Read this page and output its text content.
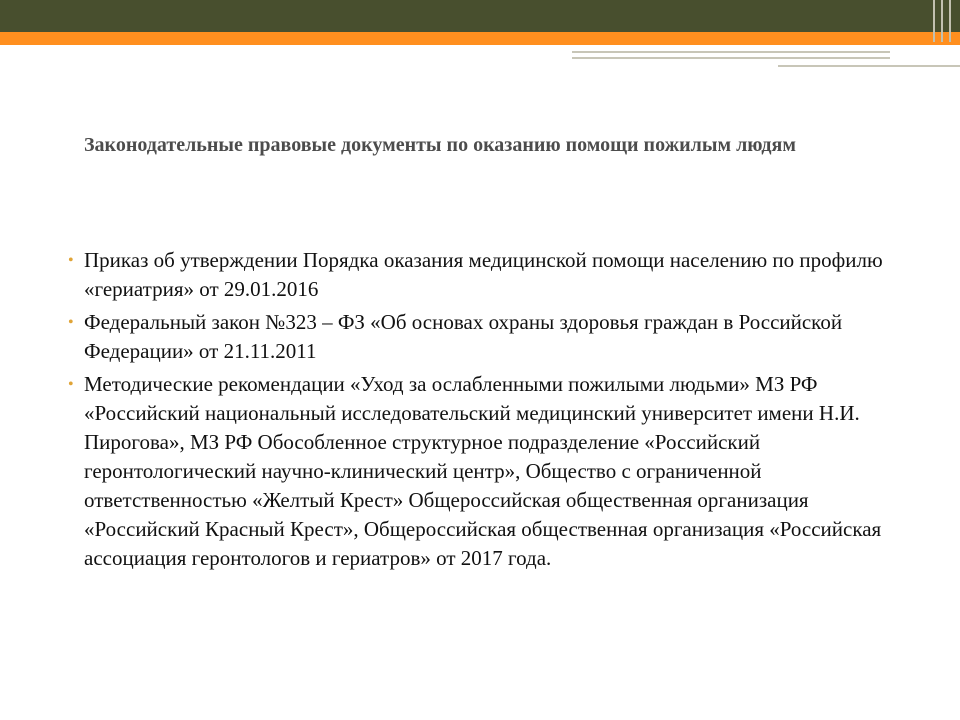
Законодательные правовые документы по оказанию помощи пожилым людям
• Приказ об утверждении Порядка оказания медицинской помощи населению по профилю «гериатрия» от 29.01.2016
• Федеральный закон №323 – ФЗ «Об основах охраны здоровья граждан в Российской Федерации» от 21.11.2011
• Методические рекомендации «Уход за ослабленными пожилыми людьми» МЗ РФ «Российский национальный исследовательский медицинский университет имени Н.И. Пирогова», МЗ РФ Обособленное структурное подразделение «Российский геронтологический научно-клинический центр», Общество с ограниченной ответственностью «Желтый Крест» Общероссийская общественная организация «Российский Красный Крест», Общероссийская общественная организация «Российская ассоциация геронтологов и гериатров» от 2017 года.
